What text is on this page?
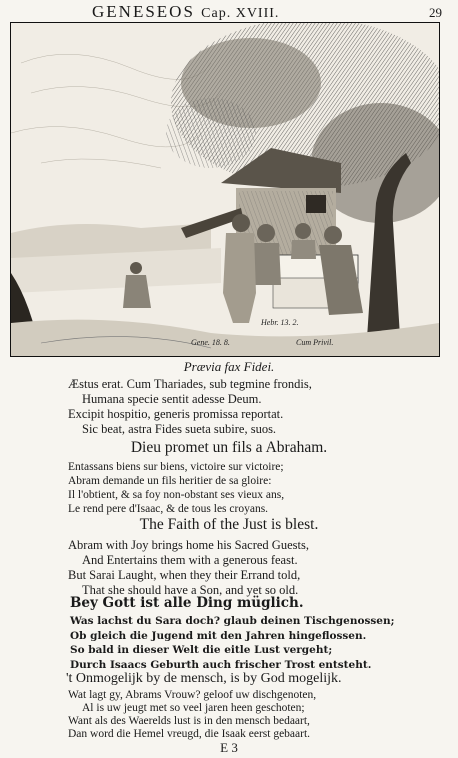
GENESEOS Cap. XVIII.	29
Hebr. 13. 2.
Gene. 18. 8.	Cum Privil.
Prævia fax Fidei.
Æstus erat. Cum Thariades, sub tegmine frondis,
Humana specie sentit adesse Deum.
Excipit hospitio, generis promissa reportat.
Sic beat, astra Fides sueta subire, suos.
Dieu promet un fils a Abraham.
Entassans biens sur biens, victoire sur victoire;
Abram demande un fils heritier de sa gloire:
Il l'obtient, & sa foy non-obstant ses vieux ans,
Le rend pere d'Isaac, & de tous les croyans.
The Faith of the Just is blest.
Abram with Joy brings home his Sacred Guests,
And Entertains them with a generous feast.
But Sarai Laught, when they their Errand told,
That she should have a Son, and yet so old.
Bey Gott ist alle Ding müglich.
Was lachst du Sara doch? glaub deinen Tischgenossen;
Ob gleich die Jugend mit den Jahren hingeflossen.
So bald in dieser Welt die eitle Lust vergeht;
Durch Isaacs Geburth auch frischer Trost entsteht.
't Onmogelijk by de mensch, is by God mogelijk.
Wat lagt gy, Abrams Vrouw? geloof uw dischgenoten,
Al is uw jeugt met so veel jaren heen geschoten;
Want als des Waerelds lust is in den mensch bedaart,
Dan word die Hemel vreugd, die Isaak eerst gebaart.
E 3
